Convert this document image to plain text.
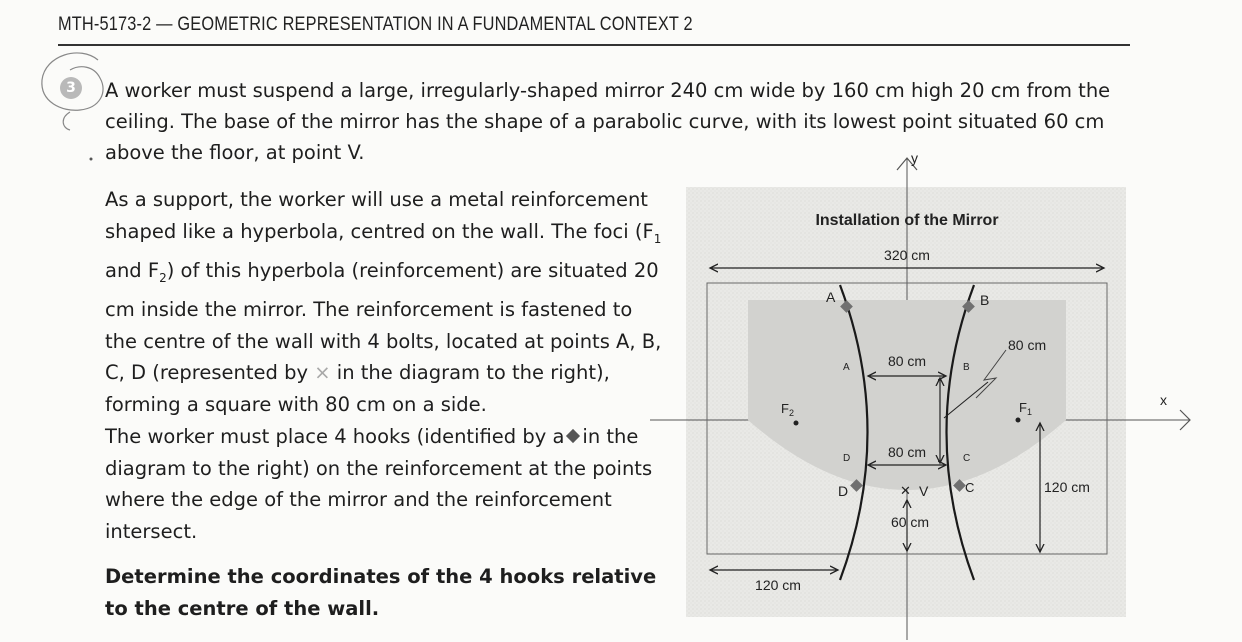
MTH-5173-2 — GEOMETRIC REPRESENTATION IN A FUNDAMENTAL CONTEXT 2
3	A worker must suspend a large, irregularly-shaped mirror 240 cm wide by 160 cm high 20 cm from the ceiling. The base of the mirror has the shape of a parabolic curve, with its lowest point situated 60 cm above the floor, at point V.
As a support, the worker will use a metal reinforcement shaped like a hyperbola, centred on the wall. The foci ($F_1$ and $F_2$) of this hyperbola (reinforcement) are situated 20 cm inside the mirror. The reinforcement is fastened to the centre of the wall with 4 bolts, located at points A, B, C, D (represented by × in the diagram to the right), forming a square with 80 cm on a side.
The worker must place 4 hooks (identified by a in the diagram to the right) on the reinforcement at the points where the edge of the mirror and the reinforcement intersect.
Determine the coordinates of the 4 hooks relative to the centre of the wall.
y
x
A	B
D	C
A	B
D	C
$F_2$	$F_1$
✕ V
Installation of the Mirror
320 cm
80 cm
80 cm
80 cm
120 cm
60 cm
120 cm
